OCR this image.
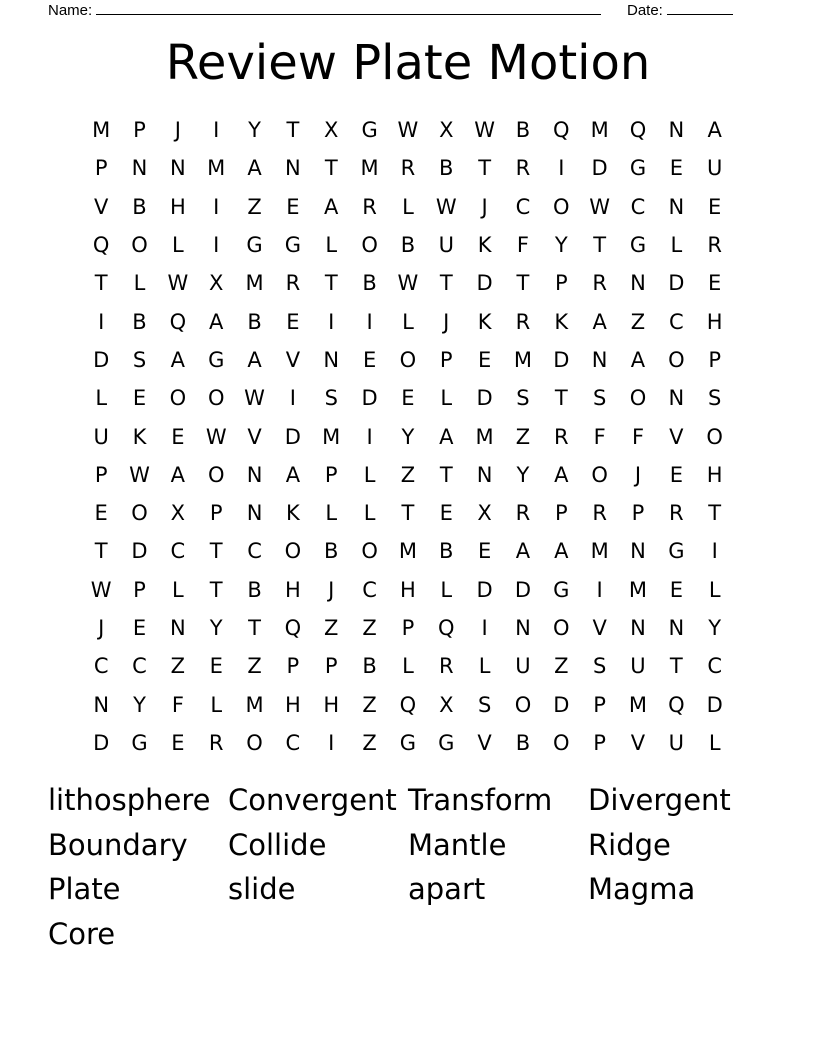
Name:	Date:
Review Plate Motion
M	P	J	I	Y	T	X	G W X W B	Q	M	Q	N	A
P	N	N	M	A	N	T	M	R	B	T	R	I	D	G	E	U
V	B	H	I	Z	E	A	R	L	W	J	C	O W C	N	E
Q	O	L	I	G	G	L	O	B	U	K	F	Y	T	G	L	R
T	L	W X	M	R	T	B W	T	D	T	P	R	N	D	E
I	B	Q	A	B	E	I	I	L	J	K	R	K	A	Z	C	H
D	S	A	G	A	V	N	E	O	P	E	M	D	N	A	O	P
L	E	O	O W	I	S	D	E	L	D	S	T	S	O	N	S
U	K	E	W V	D	M	I	Y	A	M	Z	R	F	F	V	O
P	W A	O	N	A	P	L	Z	T	N	Y	A	O	J	E	H
E	O	X	P	N	K	L	L	T	E	X	R	P	R	P	R	T
T	D	C	T	C	O	B	O	M	B	E	A	A	M	N	G	I
W	P	L	T	B	H	J	C	H	L	D	D	G	I	M	E	L
J	E	N	Y	T	Q	Z	Z	P	Q	I	N	O	V	N	N	Y
C	C	Z	E	Z	P	P	B	L	R	L	U	Z	S	U	T	C
N	Y	F	L	M	H	H	Z	Q	X	S	O	D	P	M	Q	D
D	G	E	R	O	C	I	Z	G	G	V	B	O	P	V	U	L
lithosphere Convergent Transform	Divergent
Boundary	Collide	Mantle	Ridge
Plate	slide	apart	Magma
Core
